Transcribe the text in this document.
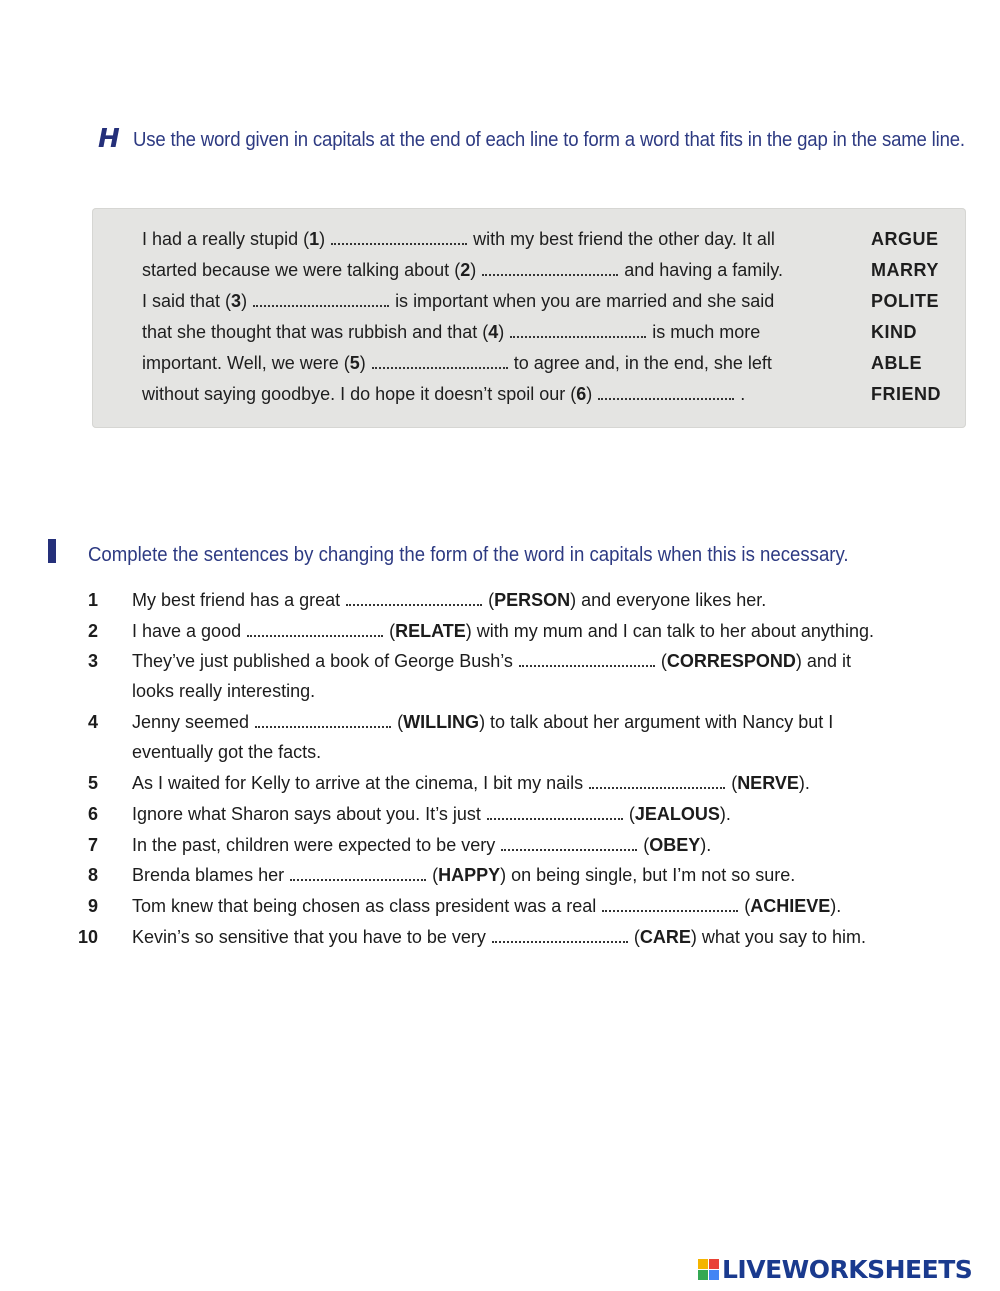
H Use the word given in capitals at the end of each line to form a word that fits in the gap in the same line.
I had a really stupid (1)	with my best friend the other day. It all	ARGUE
started because we were talking about (2)	and having a family.	MARRY
I said that (3)	is important when you are married and she said	POLITE
that she thought that was rubbish and that (4)	is much more	KIND
important. Well, we were (5)	to agree and, in the end, she left	ABLE
without saying goodbye. I do hope it doesn’t spoil our (6)	.	FRIEND
Complete the sentences by changing the form of the word in capitals when this is necessary.
1 My best friend has a great	(PERSON) and everyone likes her.
2 I have a good	(RELATE) with my mum and I can talk to her about anything.
3 They’ve just published a book of George Bush’s	(CORRESPOND) and it
looks really interesting.
4 Jenny seemed	(WILLING) to talk about her argument with Nancy but I
eventually got the facts.
5 As I waited for Kelly to arrive at the cinema, I bit my nails	(NERVE).
6 Ignore what Sharon says about you. It’s just	(JEALOUS).
7 In the past, children were expected to be very	(OBEY).
8 Brenda blames her	(HAPPY) on being single, but I’m not so sure.
9 Tom knew that being chosen as class president was a real	(ACHIEVE).
10 Kevin’s so sensitive that you have to be very	(CARE) what you say to him.
LIVEWORKSHEETS
